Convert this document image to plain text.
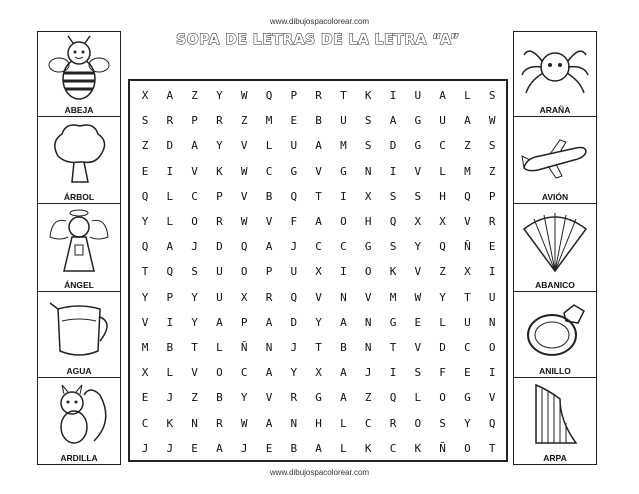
www.dibujospacolorear.com
SOPA DE LETRAS DE LA LETRA “A”
ABEJA
ÁRBOL
ÁNGEL
AGUA
ARDILLA
ARAÑA
AVIÓN
ABANICO
ANILLO
ARPA
X	A	Z	Y	W	Q	P	R	T	K	I	U	A	L	S
S	R	P	R	Z	M	E	B	U	S	A	G	U	A	W
Z	D	A	Y	V	L	U	A	M	S	D	G	C	Z	S
E	I	V	K	W	C	G	V	G	N	I	V	L	M	Z
Q	L	C	P	V	B	Q	T	I	X	S	S	H	Q	P
Y	L	O	R	W	V	F	A	O	H	Q	X	X	V	R
Q	A	J	D	Q	A	J	C	C	G	S	Y	Q	Ñ	E
T	Q	S	U	O	P	U	X	I	O	K	V	Z	X	I
Y	P	Y	U	X	R	Q	V	N	V	M	W	Y	T	U
V	I	Y	A	P	A	D	Y	A	N	G	E	L	U	N
M	B	T	L	Ñ	N	J	T	B	N	T	V	D	C	O
X	L	V	O	C	A	Y	X	A	J	I	S	F	E	I
E	J	Z	B	Y	V	R	G	A	Z	Q	L	O	G	V
C	K	N	R	W	A	N	H	L	C	R	O	S	Y	Q
J	J	E	A	J	E	B	A	L	K	C	K	Ñ	O	T
www.dibujospacolorear.com
